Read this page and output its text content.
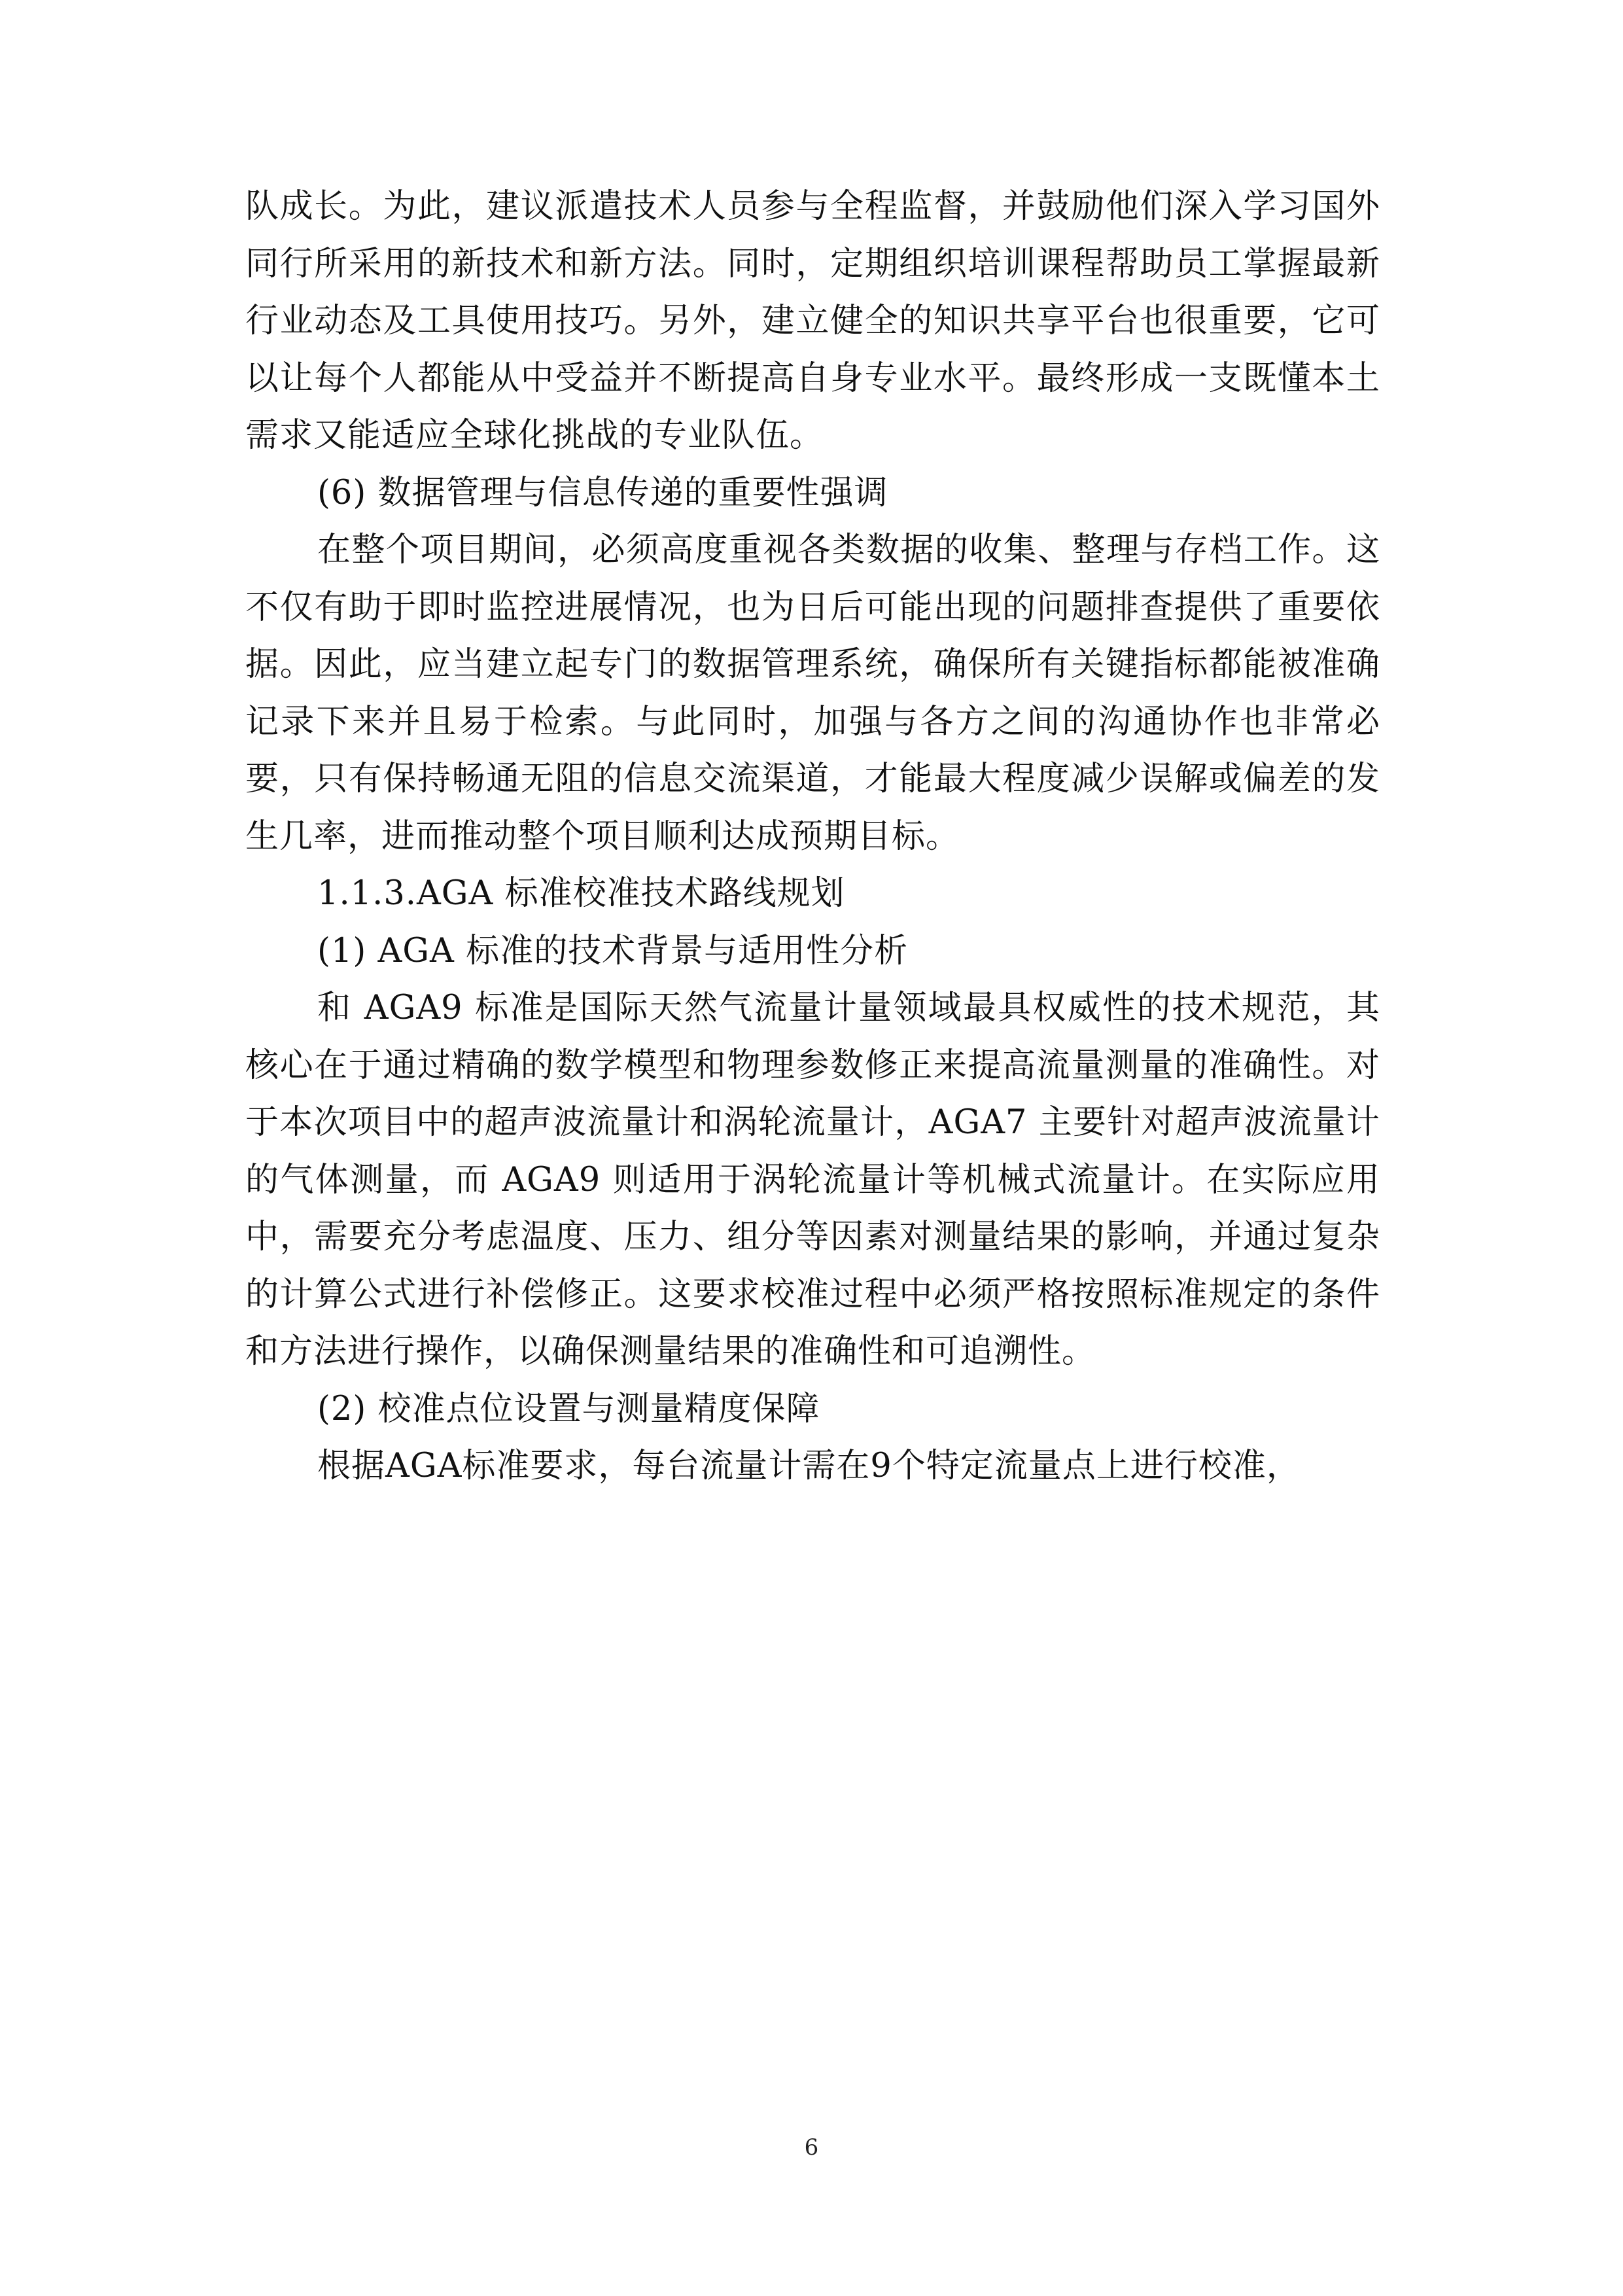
队成长。为此，建议派遣技术人员参与全程监督，并鼓励他们深入学习国外同行所采用的新技术和新方法。同时，定期组织培训课程帮助员工掌握最新行业动态及工具使用技巧。另外，建立健全的知识共享平台也很重要，它可以让每个人都能从中受益并不断提高自身专业水平。最终形成一支既懂本土需求又能适应全球化挑战的专业队伍。

(6) 数据管理与信息传递的重要性强调

在整个项目期间，必须高度重视各类数据的收集、整理与存档工作。这不仅有助于即时监控进展情况，也为日后可能出现的问题排查提供了重要依据。因此，应当建立起专门的数据管理系统，确保所有关键指标都能被准确记录下来并且易于检索。与此同时，加强与各方之间的沟通协作也非常必要，只有保持畅通无阻的信息交流渠道，才能最大程度减少误解或偏差的发生几率，进而推动整个项目顺利达成预期目标。

1.1.3.AGA 标准校准技术路线规划

(1) AGA 标准的技术背景与适用性分析

和 AGA9 标准是国际天然气流量计量领域最具权威性的技术规范，其核心在于通过精确的数学模型和物理参数修正来提高流量测量的准确性。对于本次项目中的超声波流量计和涡轮流量计，AGA7 主要针对超声波流量计的气体测量，而 AGA9 则适用于涡轮流量计等机械式流量计。在实际应用中，需要充分考虑温度、压力、组分等因素对测量结果的影响，并通过复杂的计算公式进行补偿修正。这要求校准过程中必须严格按照标准规定的条件和方法进行操作，以确保测量结果的准确性和可追溯性。

(2) 校准点位设置与测量精度保障

根据AGA标准要求，每台流量计需在9个特定流量点上进行校准，

6
